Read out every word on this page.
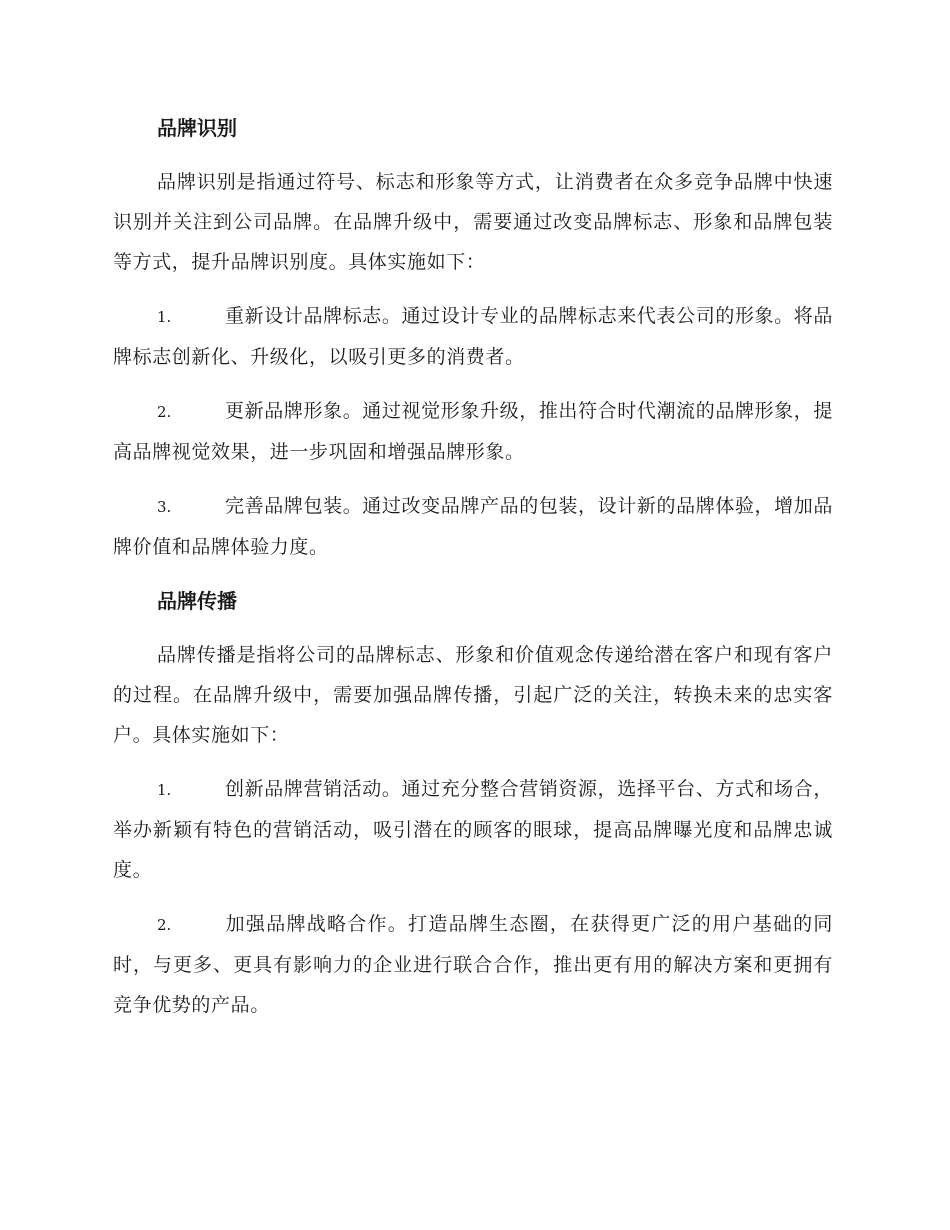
品牌识别

品牌识别是指通过符号、标志和形象等方式，让消费者在众多竞争品牌中快速识别并关注到公司品牌。在品牌升级中，需要通过改变品牌标志、形象和品牌包装等方式，提升品牌识别度。具体实施如下：

1.	重新设计品牌标志。通过设计专业的品牌标志来代表公司的形象。将品牌标志创新化、升级化，以吸引更多的消费者。

2.	更新品牌形象。通过视觉形象升级，推出符合时代潮流的品牌形象，提高品牌视觉效果，进一步巩固和增强品牌形象。

3.	完善品牌包装。通过改变品牌产品的包装，设计新的品牌体验，增加品牌价值和品牌体验力度。

品牌传播

品牌传播是指将公司的品牌标志、形象和价值观念传递给潜在客户和现有客户的过程。在品牌升级中，需要加强品牌传播，引起广泛的关注，转换未来的忠实客户。具体实施如下：

1.	创新品牌营销活动。通过充分整合营销资源，选择平台、方式和场合，举办新颖有特色的营销活动，吸引潜在的顾客的眼球，提高品牌曝光度和品牌忠诚度。

2.	加强品牌战略合作。打造品牌生态圈，在获得更广泛的用户基础的同时，与更多、更具有影响力的企业进行联合合作，推出更有用的解决方案和更拥有竞争优势的产品。
